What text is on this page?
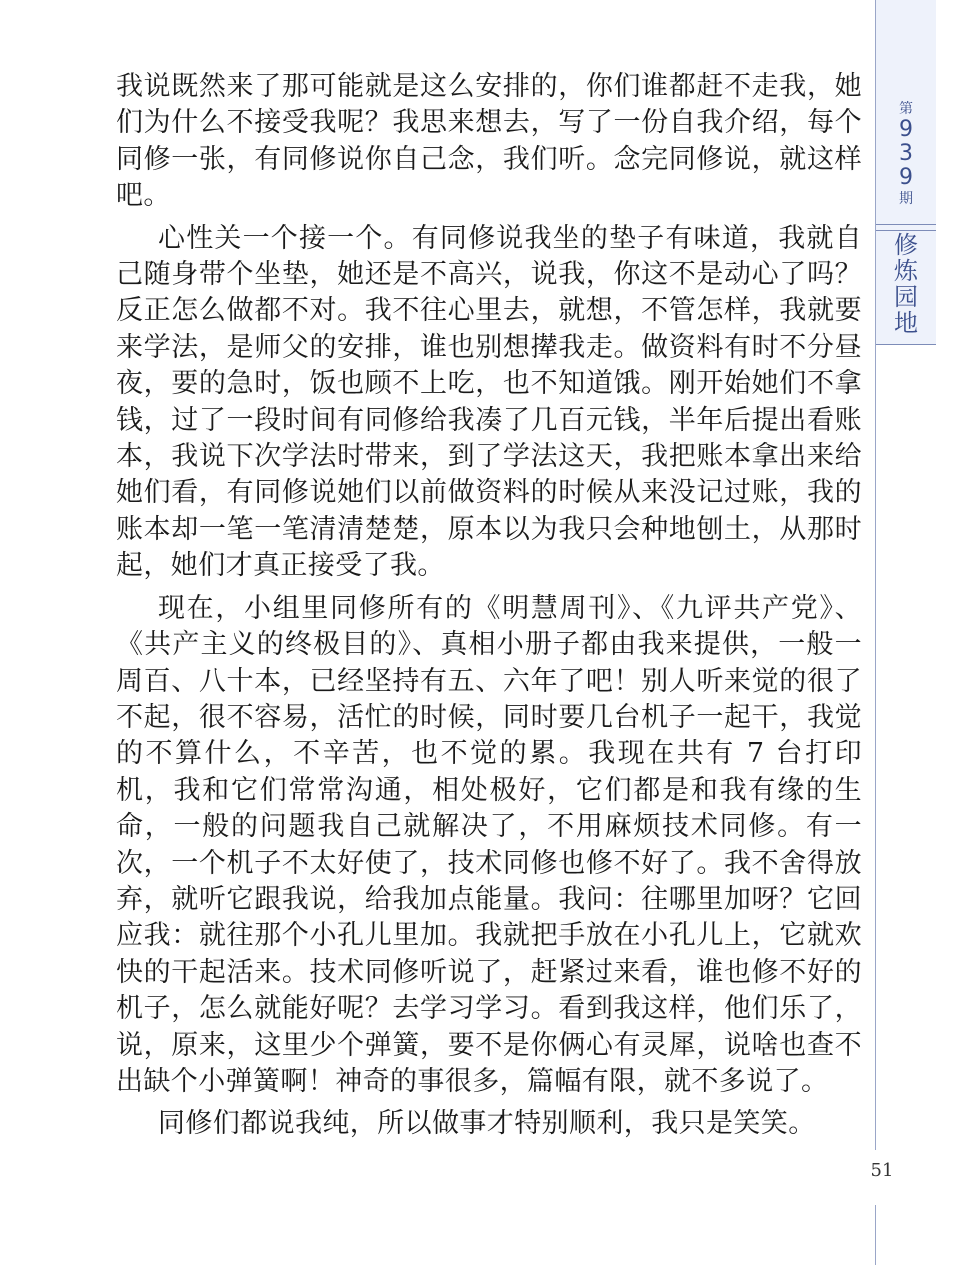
第
9
3
9
期
修
炼
园
地

我说既然来了那可能就是这么安排的，你们谁都赶不走我，她们为什么不接受我呢？我思来想去，写了一份自我介绍，每个同修一张，有同修说你自己念，我们听。念完同修说，就这样吧。

心性关一个接一个。有同修说我坐的垫子有味道，我就自己随身带个坐垫，她还是不高兴，说我，你这不是动心了吗？反正怎么做都不对。我不往心里去，就想，不管怎样，我就要来学法，是师父的安排，谁也别想撵我走。做资料有时不分昼夜，要的急时，饭也顾不上吃，也不知道饿。刚开始她们不拿钱，过了一段时间有同修给我凑了几百元钱，半年后提出看账本，我说下次学法时带来，到了学法这天，我把账本拿出来给她们看，有同修说她们以前做资料的时候从来没记过账，我的账本却一笔一笔清清楚楚，原本以为我只会种地刨土，从那时起，她们才真正接受了我。

现在，小组里同修所有的《明慧周刊》、《九评共产党》、《共产主义的终极目的》、真相小册子都由我来提供，一般一周百、八十本，已经坚持有五、六年了吧！别人听来觉的很了不起，很不容易，活忙的时候，同时要几台机子一起干，我觉的不算什么，不辛苦，也不觉的累。我现在共有 7 台打印机，我和它们常常沟通，相处极好，它们都是和我有缘的生命，一般的问题我自己就解决了，不用麻烦技术同修。有一次，一个机子不太好使了，技术同修也修不好了。我不舍得放弃，就听它跟我说，给我加点能量。我问：往哪里加呀？它回应我：就往那个小孔儿里加。我就把手放在小孔儿上，它就欢快的干起活来。技术同修听说了，赶紧过来看，谁也修不好的机子，怎么就能好呢？去学习学习。看到我这样，他们乐了，说，原来，这里少个弹簧，要不是你俩心有灵犀，说啥也查不出缺个小弹簧啊！神奇的事很多，篇幅有限，就不多说了。

同修们都说我纯，所以做事才特别顺利，我只是笑笑。

51
